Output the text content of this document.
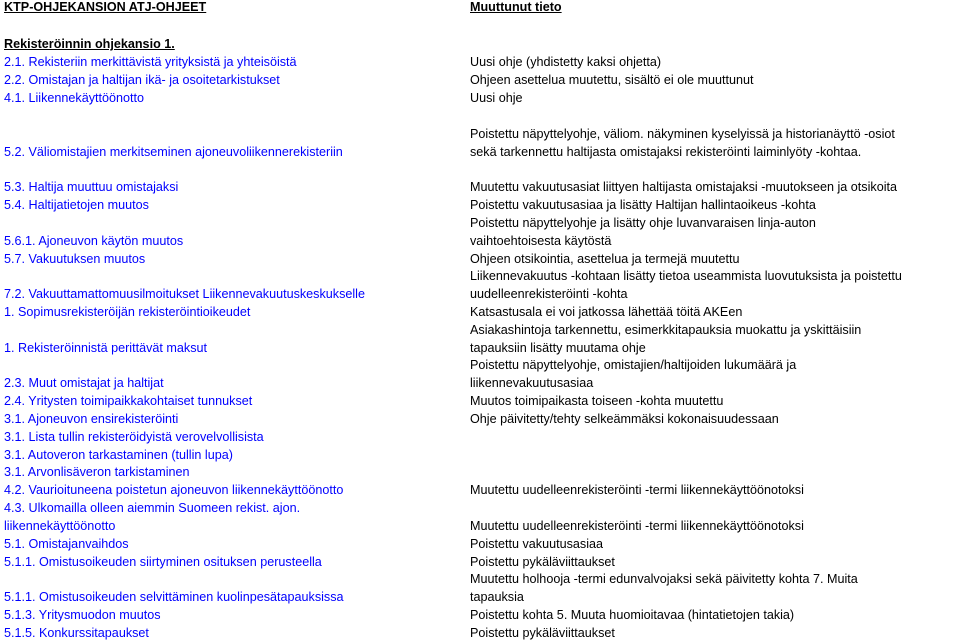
KTP-OHJEKANSION ATJ-OHJEET	Muuttunut tieto
Rekisteröinnin ohjekansio 1.
2.1. Rekisteriin merkittävistä yrityksistä ja yhteisöistä
2.2. Omistajan ja haltijan ikä- ja osoitetarkistukset
4.1. Liikennekäyttöönotto
5.2. Väliomistajien merkitseminen ajoneuvoliikennerekisteriin
5.3. Haltija muuttuu omistajaksi
5.4. Haltijatietojen muutos
5.6.1. Ajoneuvon käytön muutos
5.7. Vakuutuksen muutos
7.2. Vakuuttamattomuusilmoitukset Liikennevakuutuskeskukselle
1. Sopimusrekisteröijän rekisteröintioikeudet
1. Rekisteröinnistä perittävät maksut
2.3. Muut omistajat ja haltijat
2.4. Yritysten toimipaikkakohtaiset tunnukset
3.1. Ajoneuvon ensirekisteröinti
3.1. Lista tullin rekisteröidyistä verovelvollisista
3.1. Autoveron tarkastaminen (tullin lupa)
3.1. Arvonlisäveron tarkistaminen
4.2. Vaurioituneena poistetun ajoneuvon liikennekäyttöönotto
4.3. Ulkomailla olleen aiemmin Suomeen rekist. ajon.
liikennekäyttöönotto
5.1. Omistajanvaihdos
5.1.1. Omistusoikeuden siirtyminen osituksen perusteella
5.1.1. Omistusoikeuden selvittäminen kuolinpesätapauksissa
5.1.3. Yritysmuodon muutos
5.1.5. Konkurssitapaukset
Uusi ohje (yhdistetty kaksi ohjetta)
Ohjeen asettelua muutettu, sisältö ei ole muuttunut
Uusi ohje
Poistettu näpyttelyohje, väliom. näkyminen kyselyissä ja historianäyttö -osiot
sekä tarkennettu haltijasta omistajaksi rekisteröinti laiminlyöty -kohtaa.
Muutettu vakuutusasiat liittyen haltijasta omistajaksi -muutokseen ja otsikoita
Poistettu vakuutusasiaa ja lisätty Haltijan hallintaoikeus -kohta
Poistettu näpyttelyohje ja lisätty ohje luvanvaraisen linja-auton
vaihtoehtoisesta käytöstä
Ohjeen otsikointia, asettelua ja termejä muutettu
Liikennevakuutus -kohtaan lisätty tietoa useammista luovutuksista ja poistettu
uudelleenrekisteröinti -kohta
Katsastusala ei voi jatkossa lähettää töitä AKEen
Asiakashintoja tarkennettu, esimerkkitapauksia muokattu ja yskittäisiin
tapauksiin lisätty muutama ohje
Poistettu näpyttelyohje, omistajien/haltijoiden lukumäärä ja
liikennevakuutusasiaa
Muutos toimipaikasta toiseen -kohta muutettu
Ohje päivitetty/tehty selkeämmäksi kokonaisuudessaan
Muutettu uudelleenrekisteröinti -termi liikennekäyttöönotoksi
Muutettu uudelleenrekisteröinti -termi liikennekäyttöönotoksi
Poistettu vakuutusasiaa
Poistettu pykäläviittaukset
Muutettu holhooja -termi edunvalvojaksi sekä päivitetty kohta 7. Muita
tapauksia
Poistettu kohta 5. Muuta huomioitavaa (hintatietojen takia)
Poistettu pykäläviittaukset
